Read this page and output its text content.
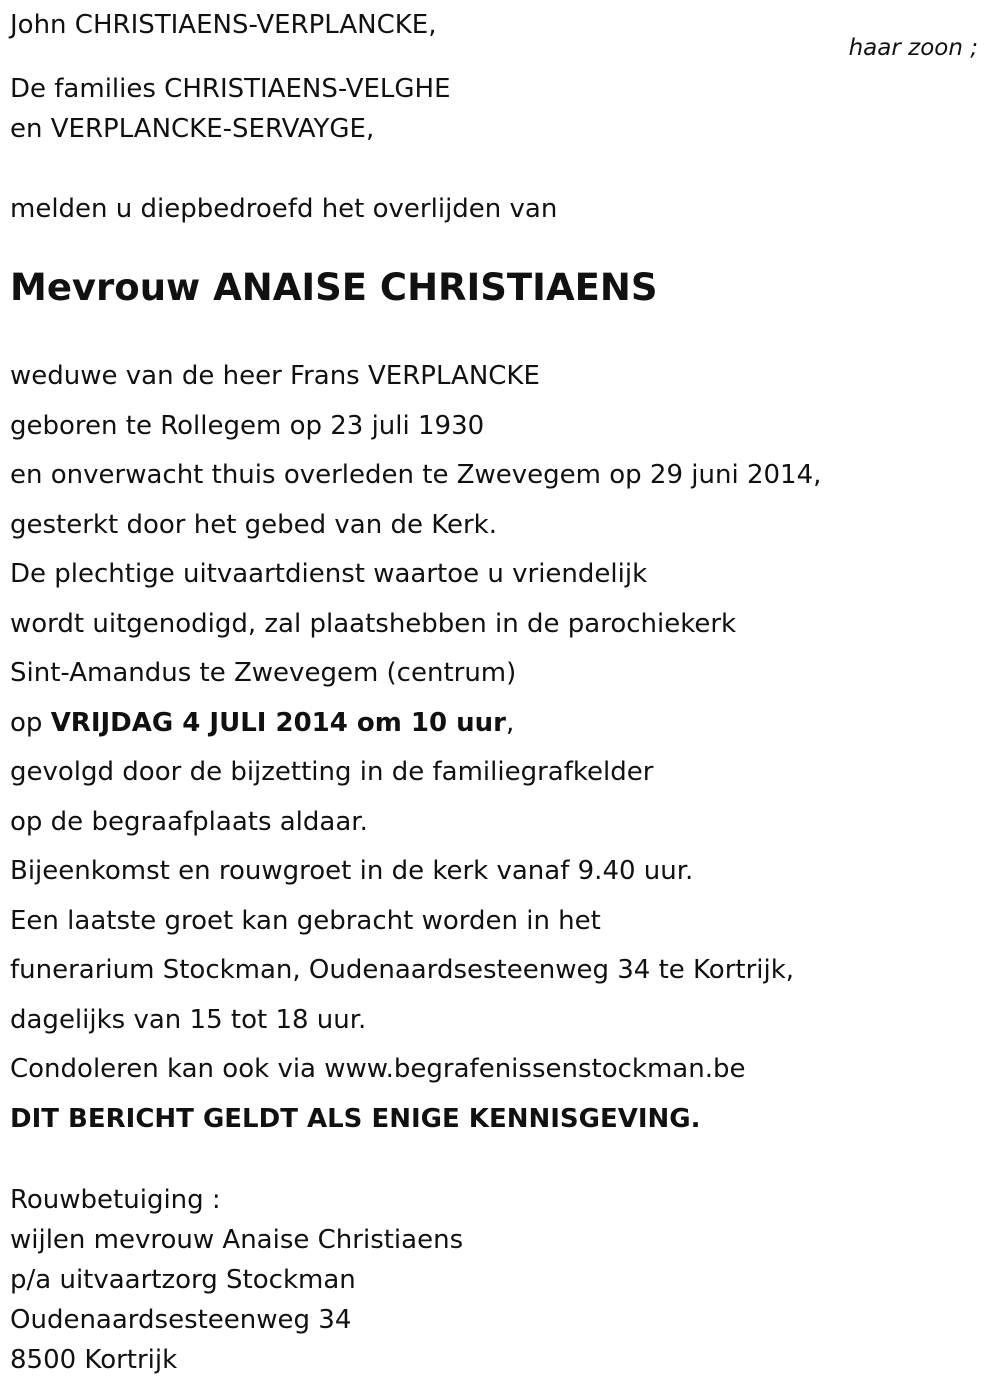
John CHRISTIAENS-VERPLANCKE,

haar zoon ;

De families CHRISTIAENS-VELGHE

en VERPLANCKE-SERVAYGE,

melden u diepbedroefd het overlijden van

Mevrouw ANAISE CHRISTIAENS

weduwe van de heer Frans VERPLANCKE

geboren te Rollegem op 23 juli 1930

en onverwacht thuis overleden te Zwevegem op 29 juni 2014,

gesterkt door het gebed van de Kerk.

De plechtige uitvaartdienst waartoe u vriendelijk

wordt uitgenodigd, zal plaatshebben in de parochiekerk

Sint-Amandus te Zwevegem (centrum)

op VRIJDAG 4 JULI 2014 om 10 uur,

gevolgd door de bijzetting in de familiegrafkelder

op de begraafplaats aldaar.

Bijeenkomst en rouwgroet in de kerk vanaf 9.40 uur.

Een laatste groet kan gebracht worden in het

funerarium Stockman, Oudenaardsesteenweg 34 te Kortrijk,

dagelijks van 15 tot 18 uur.

Condoleren kan ook via www.begrafenissenstockman.be

DIT BERICHT GELDT ALS ENIGE KENNISGEVING.

Rouwbetuiging :

wijlen mevrouw Anaise Christiaens

p/a uitvaartzorg Stockman

Oudenaardsesteenweg 34

8500 Kortrijk
